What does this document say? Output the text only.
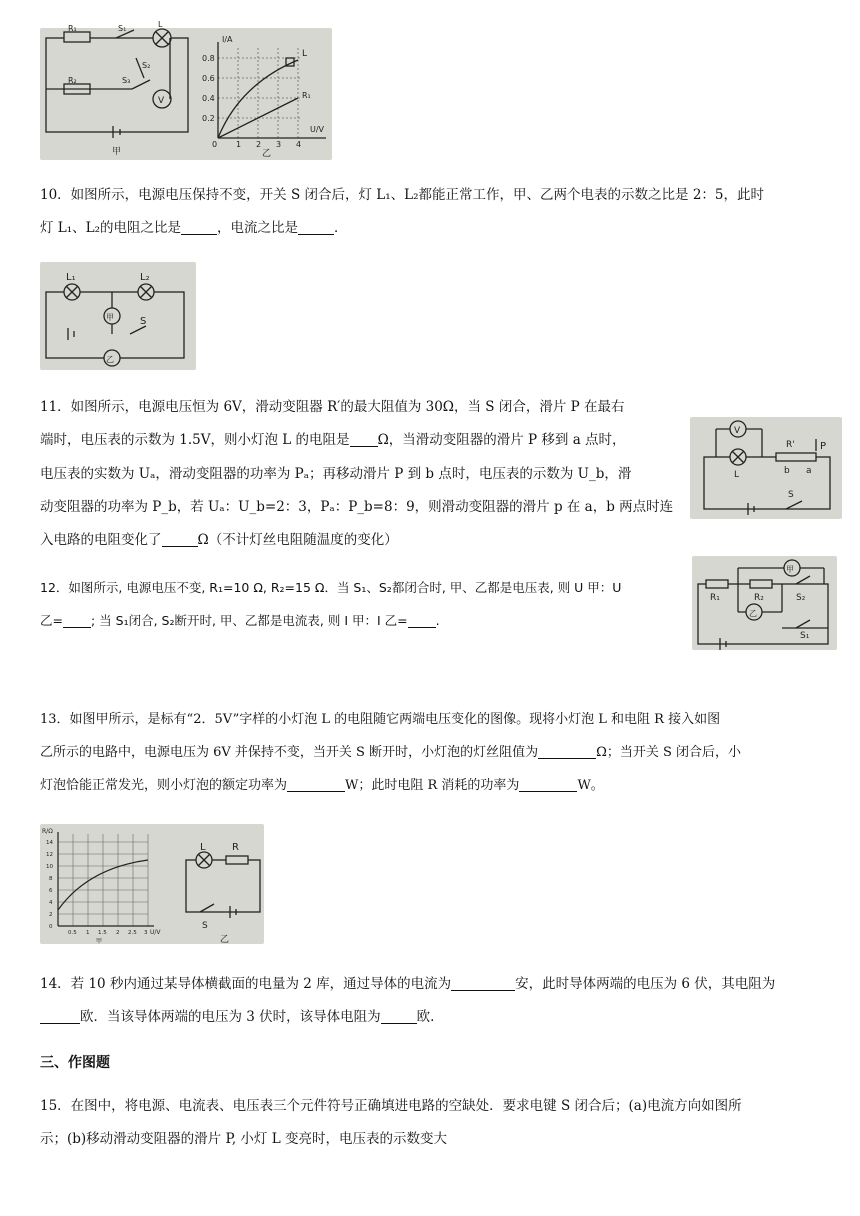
R₁	S₁	L
S₂
R₂	S₃
V
甲
I/A
U/V
0.8
0.6
0.4
0.2
0 1 2 3 4
L
R₁
乙
10．如图所示，电源电压保持不变，开关 S 闭合后，灯 L₁、L₂都能正常工作，甲、乙两个电表的示数之比是 2：5，此时
灯 L₁、L₂的电阻之比是	，电流之比是	．
L₁	L₂
甲	S
乙
11．如图所示，电源电压恒为 6V，滑动变阻器 R′的最大阻值为 30Ω，当 S 闭合，滑片 P 在最右
端时，电压表的示数为 1.5V，则小灯泡 L 的电阻是 Ω，当滑动变阻器的滑片 P 移到 a 点时，
电压表的实数为 Uₐ，滑动变阻器的功率为 Pₐ；再移动滑片 P 到 b 点时，电压表的示数为 U_b，滑
动变阻器的功率为 P_b，若 Uₐ：U_b=2：3，Pₐ：P_b=8：9，则滑动变阻器的滑片 p 在 a，b 两点时连
入电路的电阻变化了	Ω（不计灯丝电阻随温度的变化）
V
L
R'	P
b a
S
12．如图所示, 电源电压不变, R₁=10 Ω, R₂=15 Ω．当 S₁、S₂都闭合时, 甲、乙都是电压表, 则 U 甲：U
乙= ; 当 S₁闭合, S₂断开时, 甲、乙都是电流表, 则 I 甲：I 乙= .
甲
R₁	R₂	S₂
乙
S₁
13．如图甲所示，是标有“2．5V”字样的小灯泡 L 的电阻随它两端电压变化的图像。现将小灯泡 L 和电阻 R 接入如图
乙所示的电路中，电源电压为 6V 并保持不变，当开关 S 断开时，小灯泡的灯丝阻值为	Ω；当开关 S 闭合后，小
灯泡恰能正常发光，则小灯泡的额定功率为	W；此时电阻 R 消耗的功率为	W。
R/Ω
U/V
14
12
10
8
6
4
2
0
0.5 1 1.5 2 2.5 3
甲
L	R
S
乙
14．若 10 秒内通过某导体横截面的电量为 2 库，通过导体的电流为	安，此时导体两端的电压为 6 伏，其电阻为
欧．当该导体两端的电压为 3 伏时，该导体电阻为	欧.
三、作图题
15．在图中，将电源、电流表、电压表三个元件符号正确填进电路的空缺处．要求电键 S 闭合后；(a)电流方向如图所
示；(b)移动滑动变阻器的滑片 P, 小灯 L 变亮时，电压表的示数变大
